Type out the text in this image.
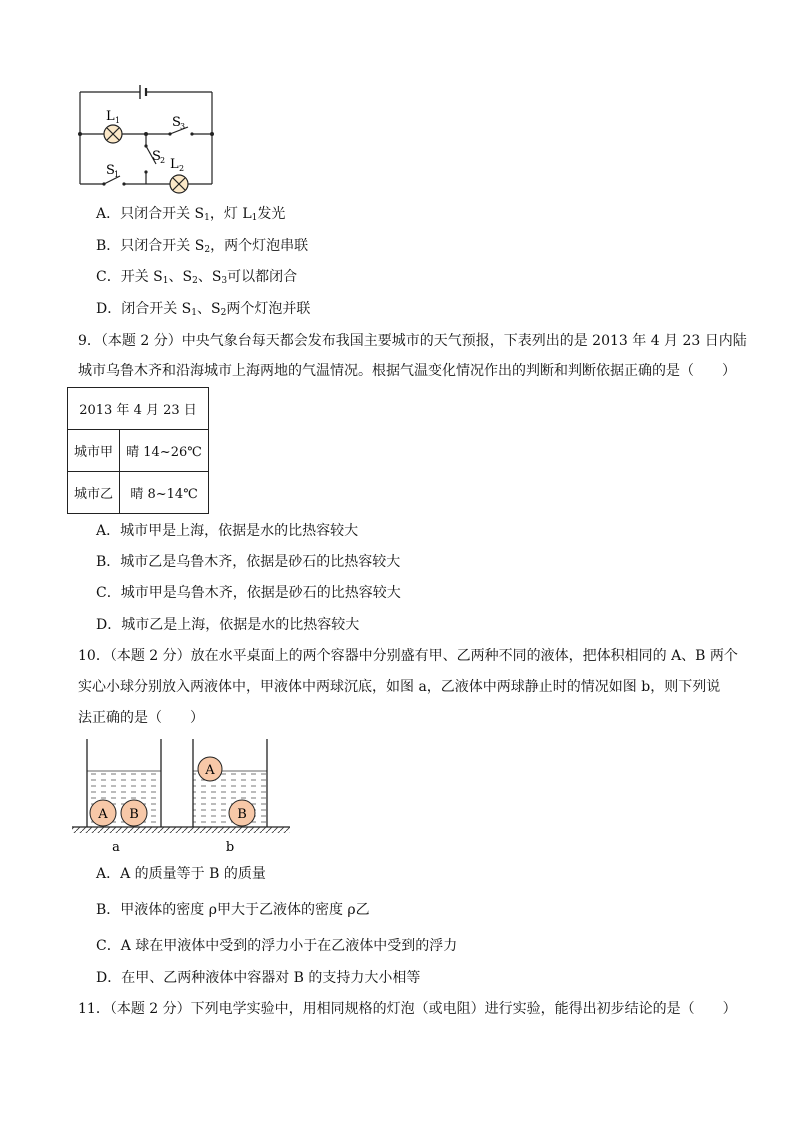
L 1	S 3
S 2 L 2
S 1
A．只闭合开关 $S_1$，灯 $L_1$发光
B．只闭合开关 $S_2$，两个灯泡串联
C．开关 $S_1$、$S_2$、$S_3$可以都闭合
D．闭合开关 $S_1$、$S_2$两个灯泡并联
9．（本题 2 分）中央气象台每天都会发布我国主要城市的天气预报，下表列出的是 2013 年 4 月 23 日内陆
城市乌鲁木齐和沿海城市上海两地的气温情况。根据气温变化情况作出的判断和判断依据正确的是（　　）
2013 年 4 月 23 日	
城市甲	晴 14~26℃
城市乙	晴 8~14℃
A．城市甲是上海，依据是水的比热容较大
B．城市乙是乌鲁木齐，依据是砂石的比热容较大
C．城市甲是乌鲁木齐，依据是砂石的比热容较大
D．城市乙是上海，依据是水的比热容较大
10．（本题 2 分）放在水平桌面上的两个容器中分别盛有甲、乙两种不同的液体，把体积相同的 A、B 两个
实心小球分别放入两液体中，甲液体中两球沉底，如图 a，乙液体中两球静止时的情况如图 b，则下列说
法正确的是（　　）
A B
A
B
a	b
A．A 的质量等于 B 的质量
B．甲液体的密度 ρ甲大于乙液体的密度 ρ乙
C．A 球在甲液体中受到的浮力小于在乙液体中受到的浮力
D．在甲、乙两种液体中容器对 B 的支持力大小相等
11．（本题 2 分）下列电学实验中，用相同规格的灯泡（或电阻）进行实验，能得出初步结论的是（　　）
